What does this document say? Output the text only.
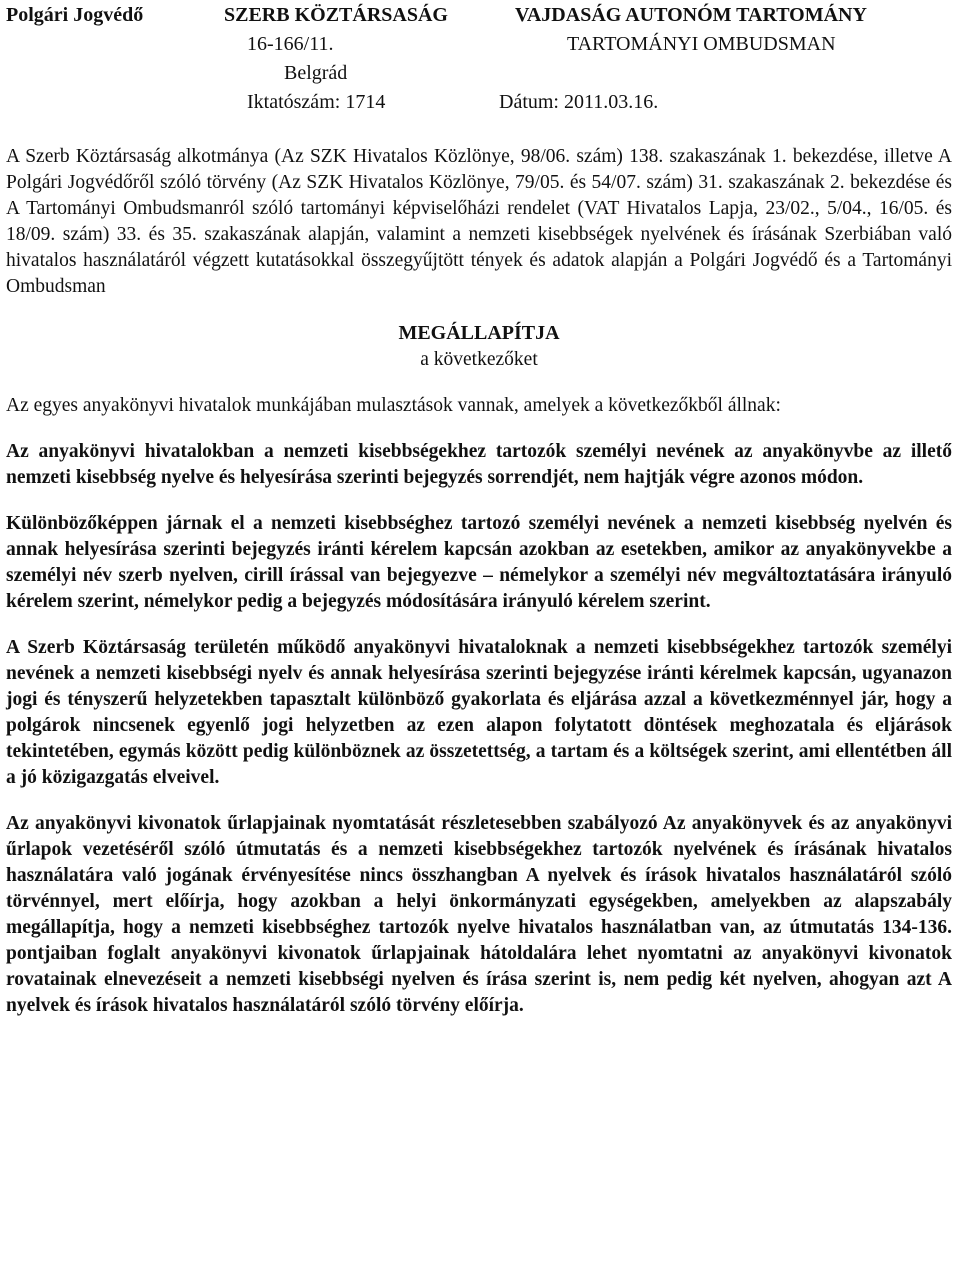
Polgári Jogvédő	SZERB KÖZTÁRSASÁG	VAJDASÁG AUTONÓM TARTOMÁNY
16-166/11.	TARTOMÁNYI OMBUDSMAN
Belgrád
Iktatószám: 1714	Dátum: 2011.03.16.

A Szerb Köztársaság alkotmánya (Az SZK Hivatalos Közlönye, 98/06. szám) 138. szakaszának 1. bekezdése, illetve A Polgári Jogvédőről szóló törvény (Az SZK Hivatalos Közlönye, 79/05. és 54/07. szám) 31. szakaszának 2. bekezdése és A Tartományi Ombudsmanról szóló tartományi képviselőházi rendelet (VAT Hivatalos Lapja, 23/02., 5/04., 16/05. és 18/09. szám) 33. és 35. szakaszának alapján, valamint a nemzeti kisebbségek nyelvének és írásának Szerbiában való hivatalos használatáról végzett kutatásokkal összegyűjtött tények és adatok alapján a Polgári Jogvédő és a Tartományi Ombudsman

MEGÁLLAPÍTJA
a következőket

Az egyes anyakönyvi hivatalok munkájában mulasztások vannak, amelyek a következőkből állnak:

Az anyakönyvi hivatalokban a nemzeti kisebbségekhez tartozók személyi nevének az anyakönyvbe az illető nemzeti kisebbség nyelve és helyesírása szerinti bejegyzés sorrendjét, nem hajtják végre azonos módon.

Különbözőképpen járnak el a nemzeti kisebbséghez tartozó személyi nevének a nemzeti kisebbség nyelvén és annak helyesírása szerinti bejegyzés iránti kérelem kapcsán azokban az esetekben, amikor az anyakönyvekbe a személyi név szerb nyelven, cirill írással van bejegyezve – némelykor a személyi név megváltoztatására irányuló kérelem szerint, némelykor pedig a bejegyzés módosítására irányuló kérelem szerint.

A Szerb Köztársaság területén működő anyakönyvi hivataloknak a nemzeti kisebbségekhez tartozók személyi nevének a nemzeti kisebbségi nyelv és annak helyesírása szerinti bejegyzése iránti kérelmek kapcsán, ugyanazon jogi és tényszerű helyzetekben tapasztalt különböző gyakorlata és eljárása azzal a következménnyel jár, hogy a polgárok nincsenek egyenlő jogi helyzetben az ezen alapon folytatott döntések meghozatala és eljárások tekintetében, egymás között pedig különböznek az összetettség, a tartam és a költségek szerint, ami ellentétben áll a jó közigazgatás elveivel.

Az anyakönyvi kivonatok űrlapjainak nyomtatását részletesebben szabályozó Az anyakönyvek és az anyakönyvi űrlapok vezetéséről szóló útmutatás és a nemzeti kisebbségekhez tartozók nyelvének és írásának hivatalos használatára való jogának érvényesítése nincs összhangban A nyelvek és írások hivatalos használatáról szóló törvénnyel, mert előírja, hogy azokban a helyi önkormányzati egységekben, amelyekben az alapszabály megállapítja, hogy a nemzeti kisebbséghez tartozók nyelve hivatalos használatban van, az útmutatás 134-136. pontjaiban foglalt anyakönyvi kivonatok űrlapjainak hátoldalára lehet nyomtatni az anyakönyvi kivonatok rovatainak elnevezéseit a nemzeti kisebbségi nyelven és írása szerint is, nem pedig két nyelven, ahogyan azt A nyelvek és írások hivatalos használatáról szóló törvény előírja.
